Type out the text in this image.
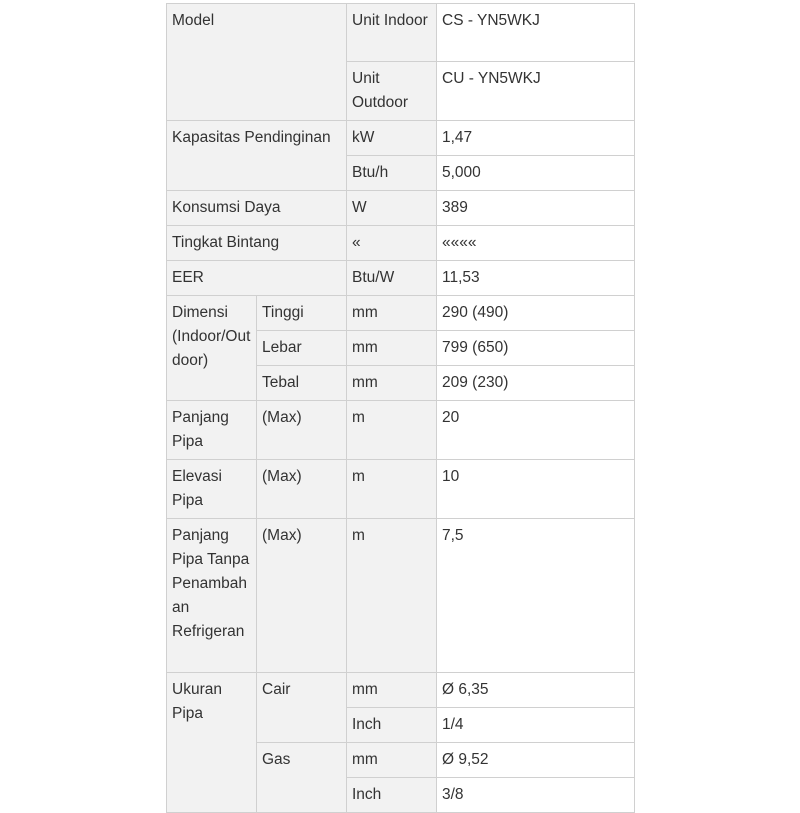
Model		Unit Indoor	CS - YN5WKJ
		Unit Outdoor	CU - YN5WKJ
Kapasitas Pendinginan		kW	1,47
		Btu/h	5,000
Konsumsi Daya		W	389
Tingkat Bintang		«	««««
EER		Btu/W	11,53
Dimensi (Indoor/Outdoor)	Tinggi	mm	290 (490)
	Lebar	mm	799 (650)
	Tebal	mm	209 (230)
Panjang Pipa	(Max)	m	20
Elevasi Pipa	(Max)	m	10
Panjang Pipa Tanpa Penambahan Refrigeran	(Max)	m	7,5
Ukuran Pipa	Cair	mm	Ø 6,35
		Inch	1/4
	Gas	mm	Ø 9,52
		Inch	3/8
